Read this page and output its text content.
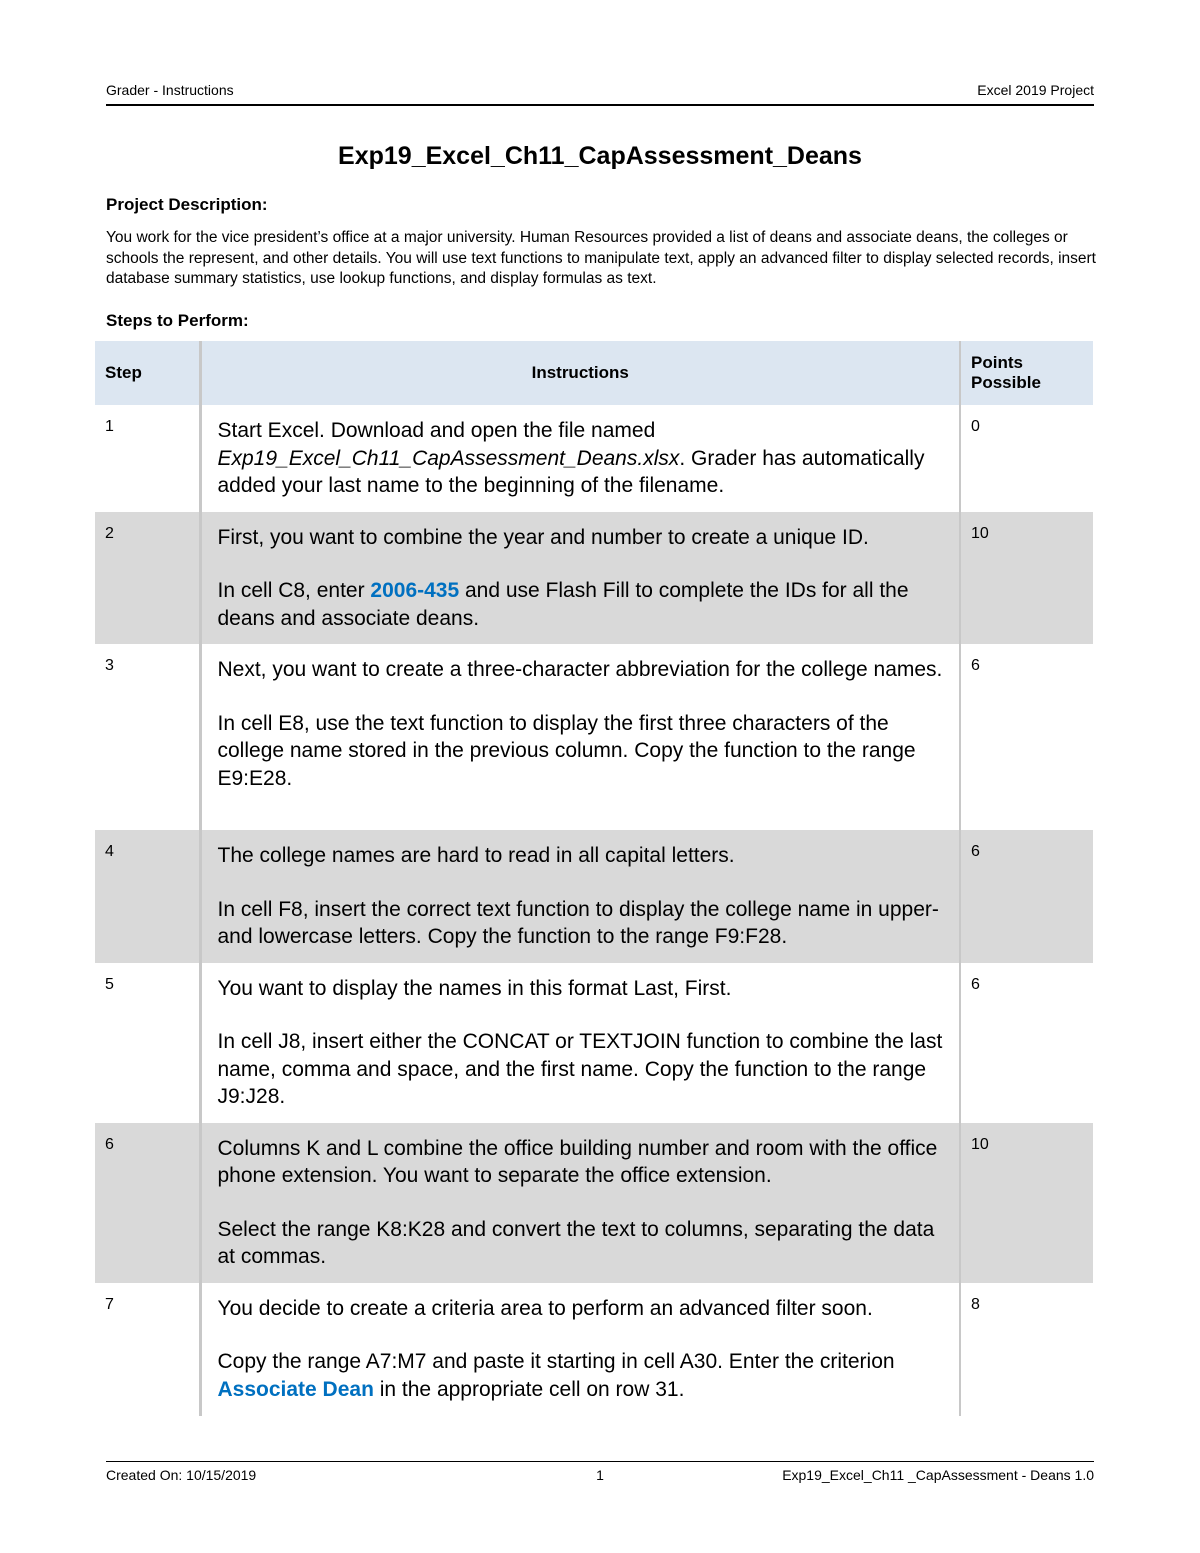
Grader - Instructions	Excel 2019 Project
Exp19_Excel_Ch11_CapAssessment_Deans
Project Description:
You work for the vice president’s office at a major university. Human Resources provided a list of deans and associate deans, the colleges or schools the represent, and other details. You will use text functions to manipulate text, apply an advanced filter to display selected records, insert database summary statistics, use lookup functions, and display formulas as text.
Steps to Perform:
Step	Instructions	Points Possible
1	Start Excel. Download and open the file named Exp19_Excel_Ch11_CapAssessment_Deans.xlsx. Grader has automatically added your last name to the beginning of the filename.	0
2	First, you want to combine the year and number to create a unique ID.

In cell C8, enter 2006-435 and use Flash Fill to complete the IDs for all the deans and associate deans.	10
3	Next, you want to create a three-character abbreviation for the college names.

In cell E8, use the text function to display the first three characters of the college name stored in the previous column. Copy the function to the range E9:E28.	6
4	The college names are hard to read in all capital letters.

In cell F8, insert the correct text function to display the college name in upper- and lowercase letters. Copy the function to the range F9:F28.	6
5	You want to display the names in this format Last, First.

In cell J8, insert either the CONCAT or TEXTJOIN function to combine the last name, comma and space, and the first name. Copy the function to the range J9:J28.	6
6	Columns K and L combine the office building number and room with the office phone extension. You want to separate the office extension.

Select the range K8:K28 and convert the text to columns, separating the data at commas.	10
7	You decide to create a criteria area to perform an advanced filter soon.

Copy the range A7:M7 and paste it starting in cell A30. Enter the criterion Associate Dean in the appropriate cell on row 31.	8
Created On: 10/15/2019	1	Exp19_Excel_Ch11 _CapAssessment - Deans 1.0
